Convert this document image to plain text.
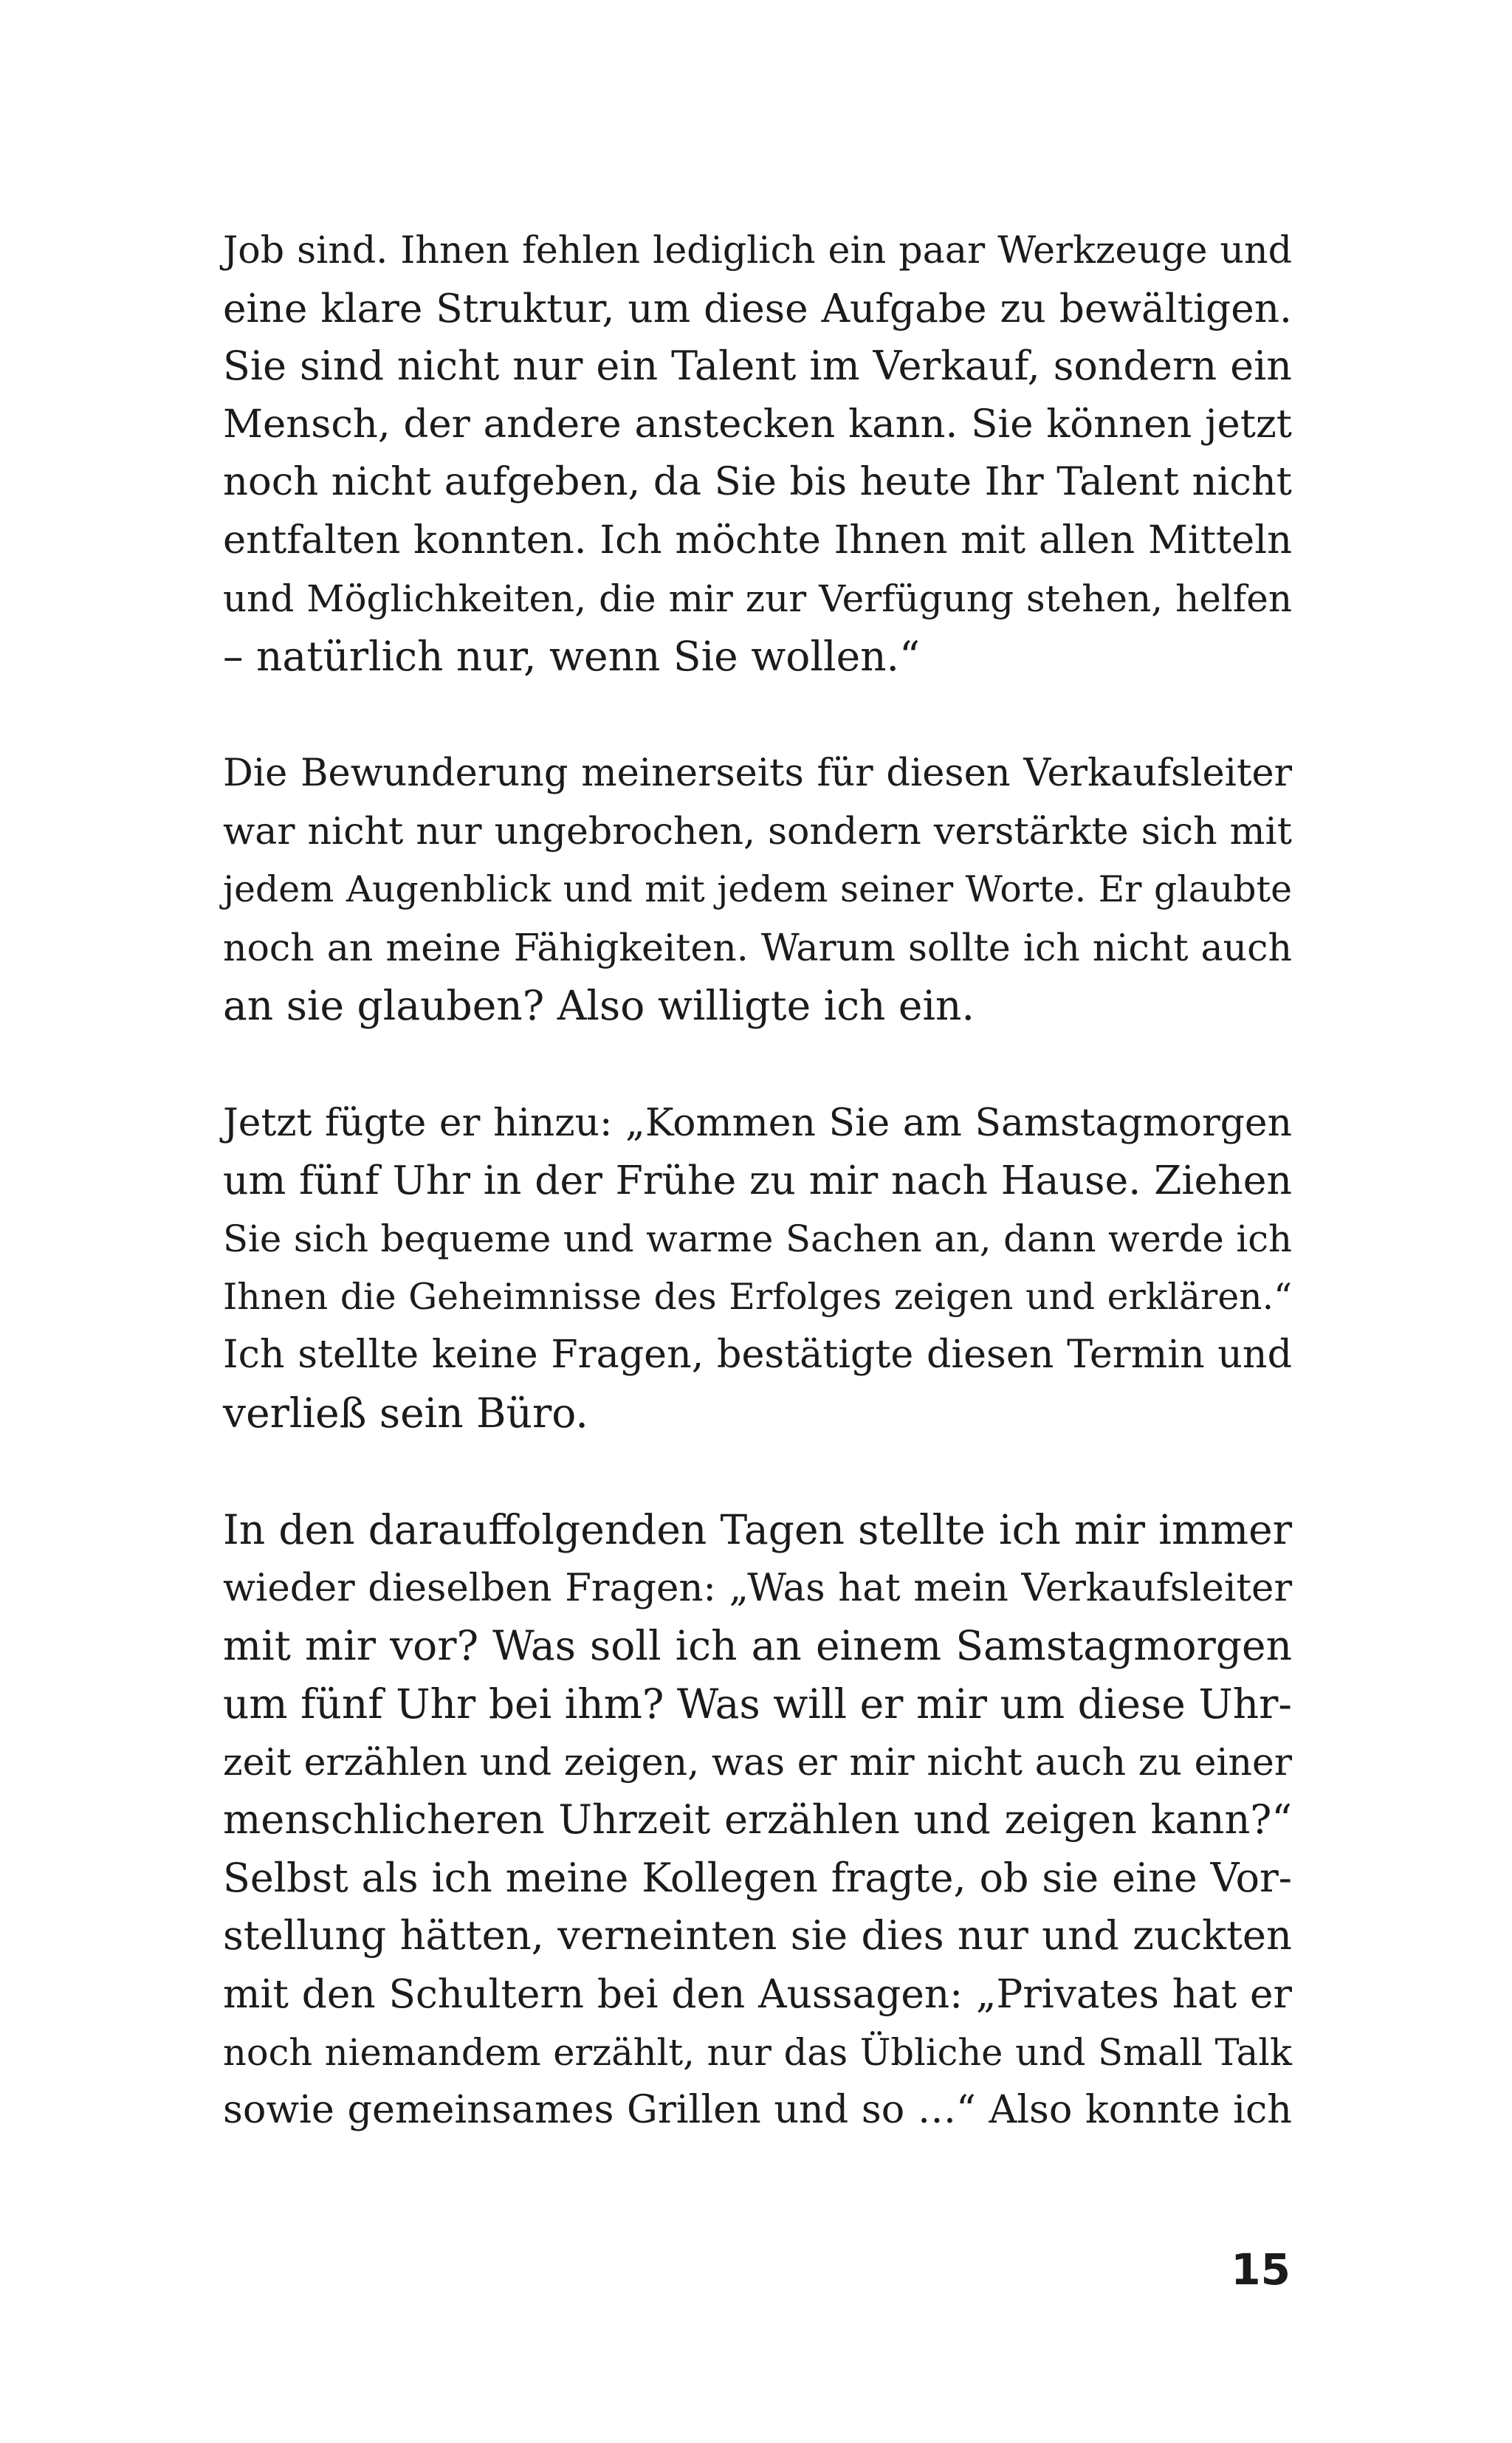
Job sind. Ihnen fehlen lediglich ein paar Werkzeuge und
eine klare Struktur, um diese Aufgabe zu bewältigen.
Sie sind nicht nur ein Talent im Verkauf, sondern ein
Mensch, der andere anstecken kann. Sie können jetzt
noch nicht aufgeben, da Sie bis heute Ihr Talent nicht
entfalten konnten. Ich möchte Ihnen mit allen Mitteln
und Möglichkeiten, die mir zur Verfügung stehen, helfen
– natürlich nur, wenn Sie wollen.“
Die Bewunderung meinerseits für diesen Verkaufsleiter
war nicht nur ungebrochen, sondern verstärkte sich mit
jedem Augenblick und mit jedem seiner Worte. Er glaubte
noch an meine Fähigkeiten. Warum sollte ich nicht auch
an sie glauben? Also willigte ich ein.
Jetzt fügte er hinzu: „Kommen Sie am Samstagmorgen
um fünf Uhr in der Frühe zu mir nach Hause. Ziehen
Sie sich bequeme und warme Sachen an, dann werde ich
Ihnen die Geheimnisse des Erfolges zeigen und erklären.“
Ich stellte keine Fragen, bestätigte diesen Termin und
verließ sein Büro.
In den darauffolgenden Tagen stellte ich mir immer
wieder dieselben Fragen: „Was hat mein Verkaufsleiter
mit mir vor? Was soll ich an einem Samstagmorgen
um fünf Uhr bei ihm? Was will er mir um diese Uhr-
zeit erzählen und zeigen, was er mir nicht auch zu einer
menschlicheren Uhrzeit erzählen und zeigen kann?“
Selbst als ich meine Kollegen fragte, ob sie eine Vor-
stellung hätten, verneinten sie dies nur und zuckten
mit den Schultern bei den Aussagen: „Privates hat er
noch niemandem erzählt, nur das Übliche und Small Talk
sowie gemeinsames Grillen und so …“ Also konnte ich
15
